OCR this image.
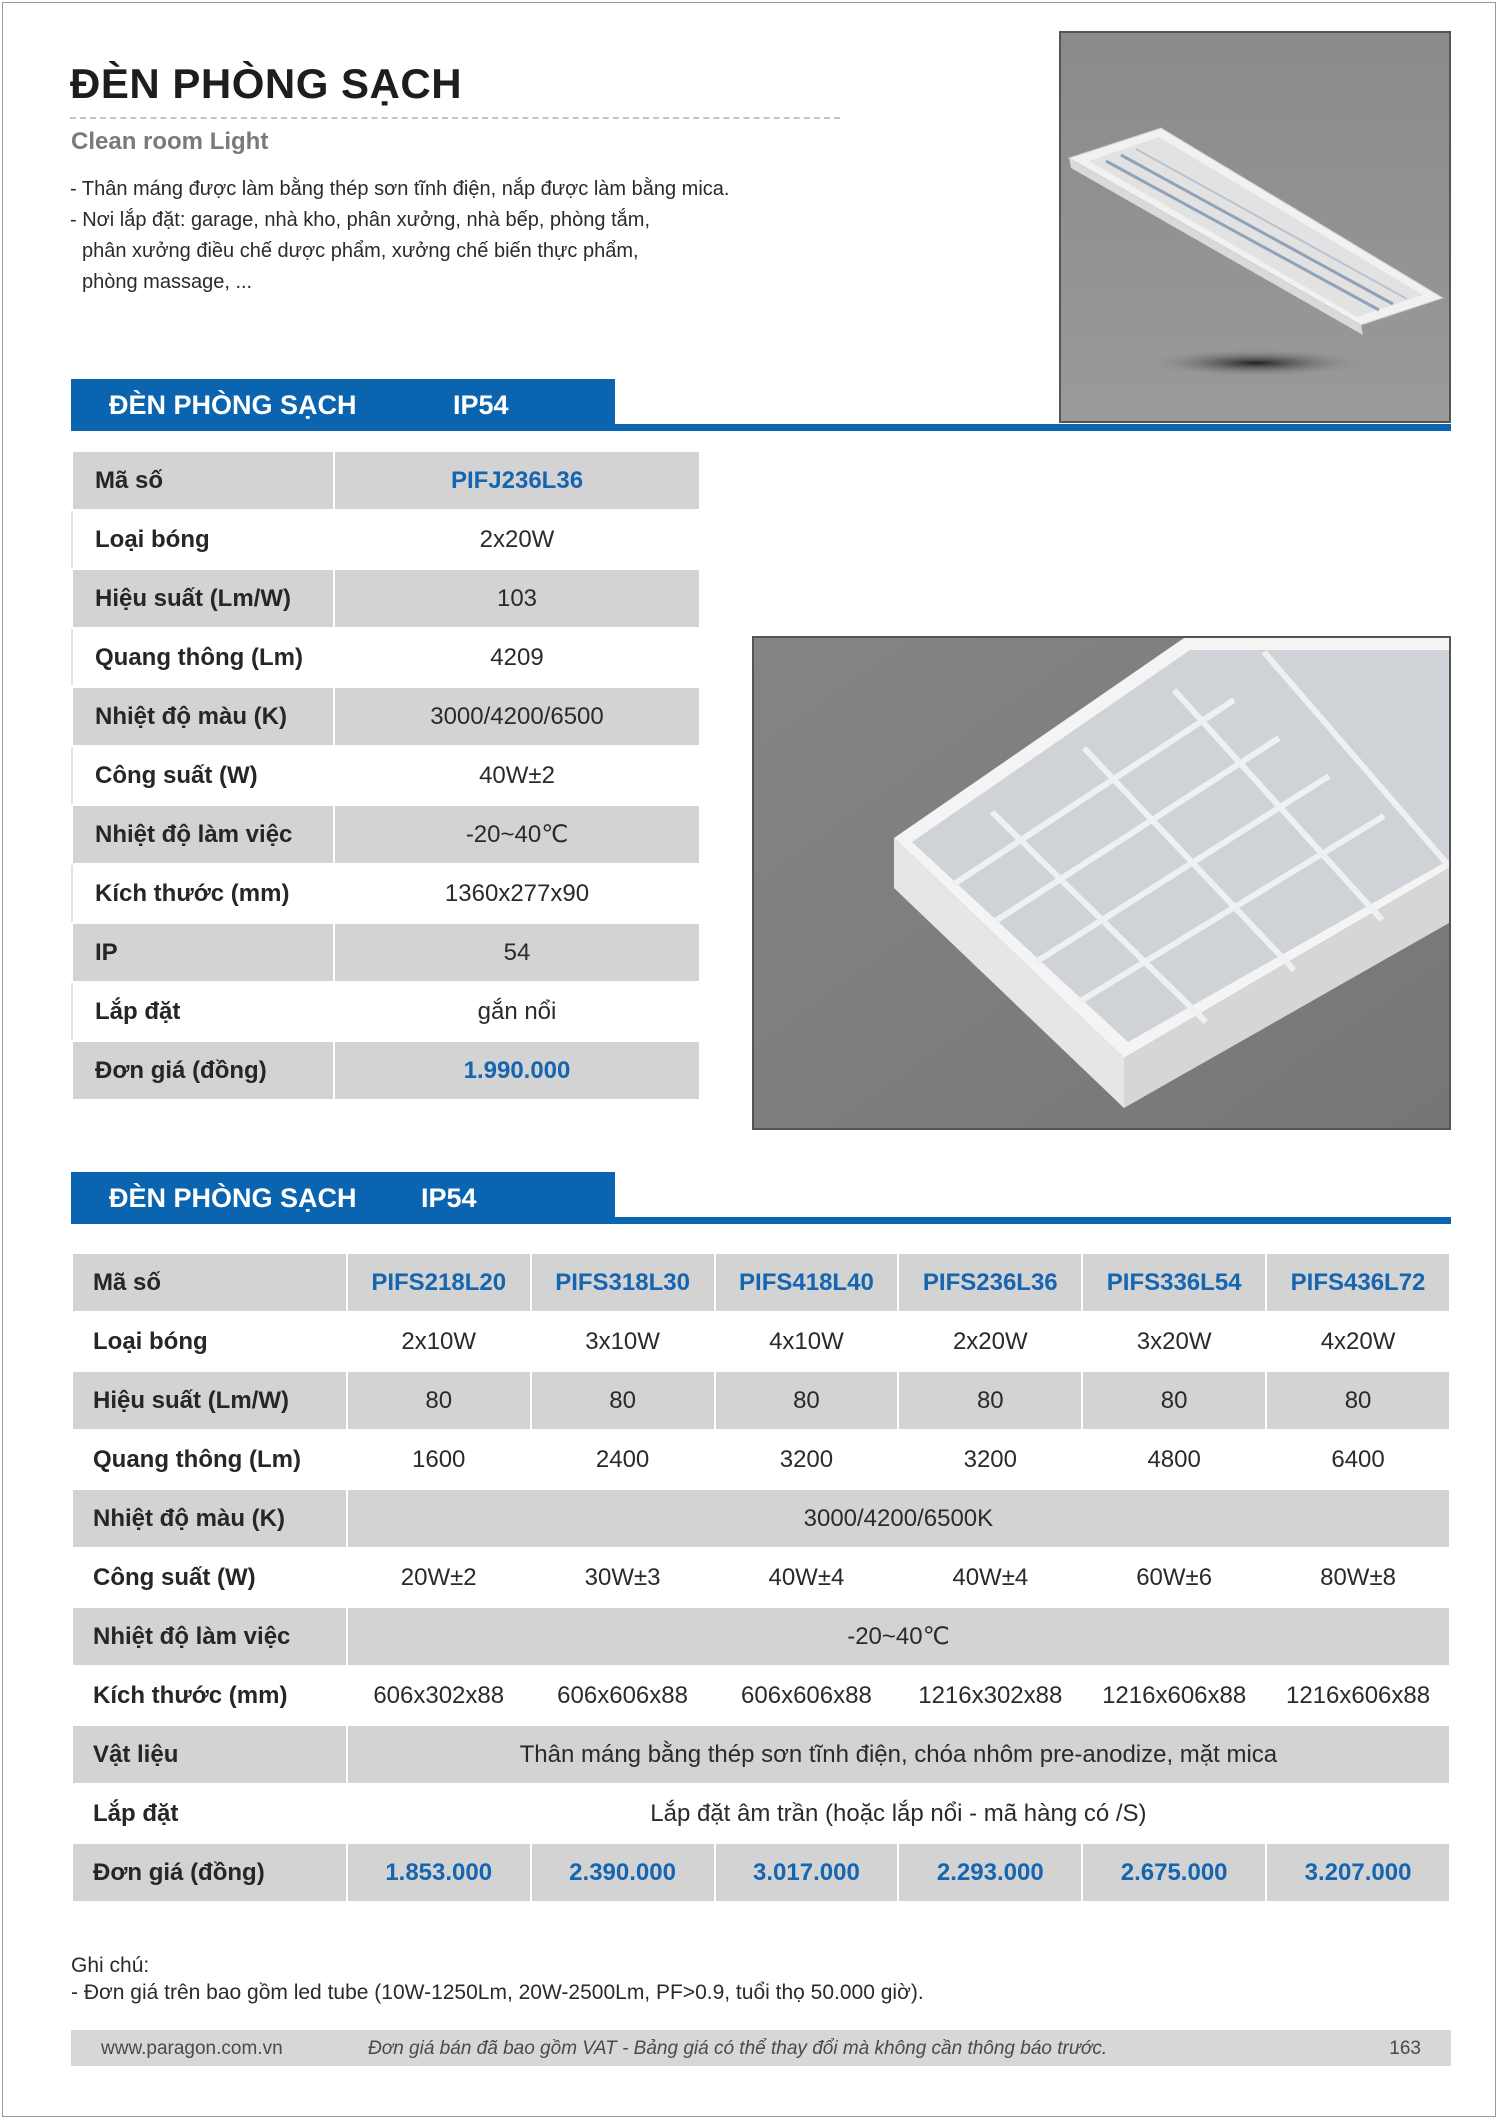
ĐÈN PHÒNG SẠCH
Clean room Light
- Thân máng được làm bằng thép sơn tĩnh điện, nắp được làm bằng mica.
- Nơi lắp đặt: garage, nhà kho, phân xưởng, nhà bếp, phòng tắm,
phân xưởng điều chế dược phẩm, xưởng chế biến thực phẩm,
phòng massage, ...
ĐÈN PHÒNG SẠCH	IP54
Mã số	PIFJ236L36
Loại bóng	2x20W
Hiệu suất (Lm/W)	103
Quang thông (Lm)	4209
Nhiệt độ màu (K)	3000/4200/6500
Công suất (W)	40W±2
Nhiệt độ làm việc	-20~40℃
Kích thước (mm)	1360x277x90
IP	54
Lắp đặt	gắn nổi
Đơn giá (đồng)	1.990.000
ĐÈN PHÒNG SẠCH IP54
Mã số	PIFS218L20	PIFS318L30	PIFS418L40	PIFS236L36	PIFS336L54	PIFS436L72
Loại bóng	2x10W	3x10W	4x10W	2x20W	3x20W	4x20W
Hiệu suất (Lm/W)	80	80	80	80	80	80
Quang thông (Lm)	1600	2400	3200	3200	4800	6400
Nhiệt độ màu (K)	3000/4200/6500K					
Công suất (W)	20W±2	30W±3	40W±4	40W±4	60W±6	80W±8
Nhiệt độ làm việc	-20~40℃					
Kích thước (mm)	606x302x88	606x606x88	606x606x88	1216x302x88	1216x606x88	1216x606x88
Vật liệu	Thân máng bằng thép sơn tĩnh điện, chóa nhôm pre-anodize, mặt mica					
Lắp đặt	Lắp đặt âm trần (hoặc lắp nổi - mã hàng có /S)					
Đơn giá (đồng)	1.853.000	2.390.000	3.017.000	2.293.000	2.675.000	3.207.000
Ghi chú:
- Đơn giá trên bao gồm led tube (10W-1250Lm, 20W-2500Lm, PF>0.9, tuổi thọ 50.000 giờ).
www.paragon.com.vn	Đơn giá bán đã bao gồm VAT - Bảng giá có thể thay đổi mà không cần thông báo trước.	163
